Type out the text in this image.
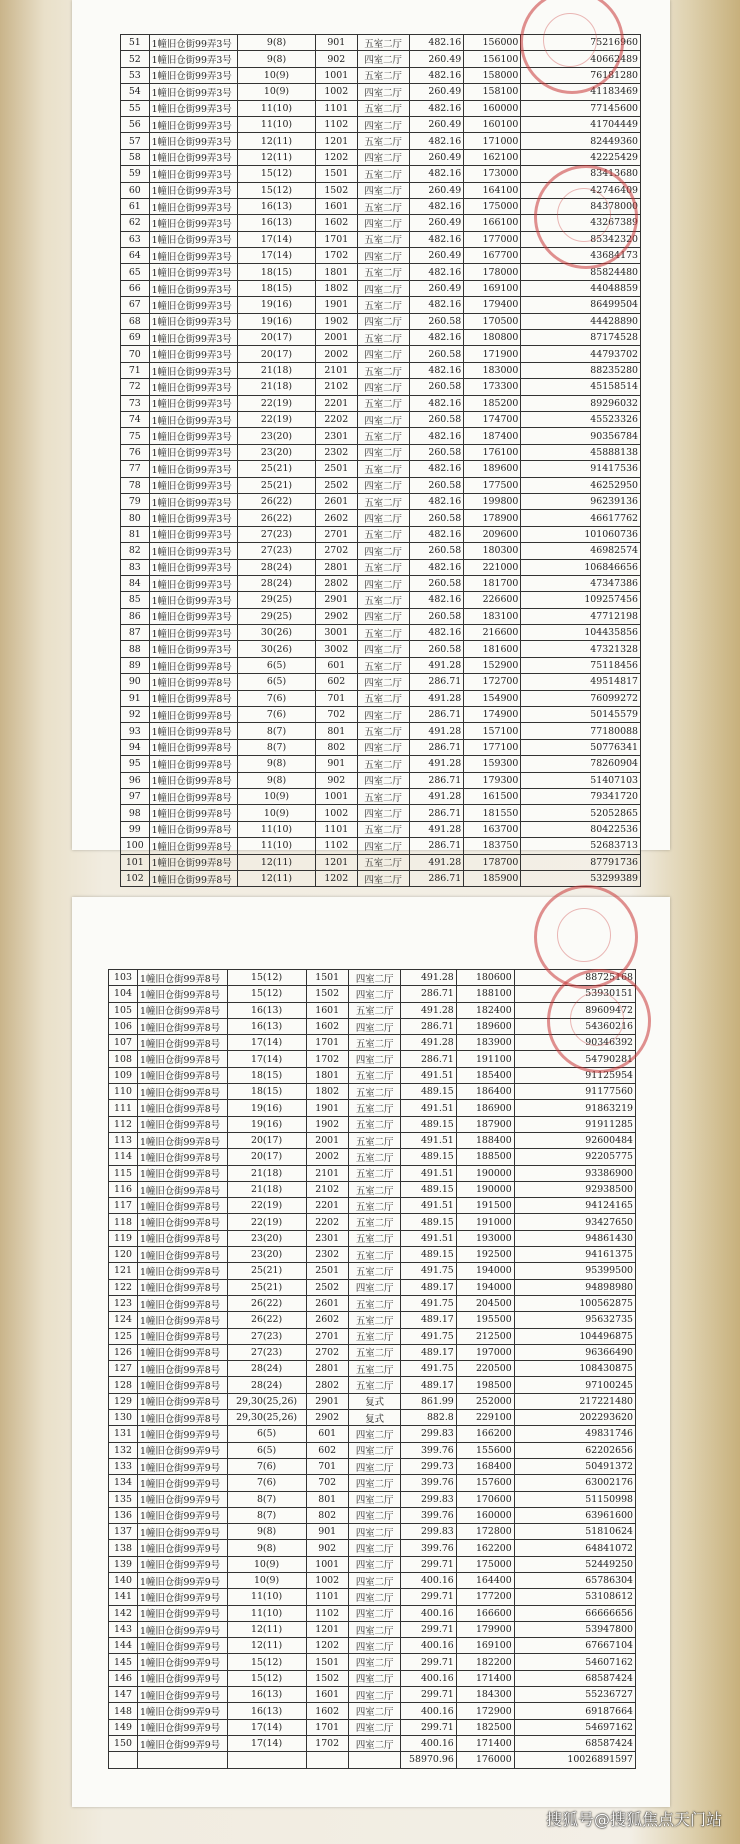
51	1幢旧仓街99弄3号	9(8)	901	五室二厅	482.16	156000	75216960
52	1幢旧仓街99弄3号	9(8)	902	四室二厅	260.49	156100	40662489
53	1幢旧仓街99弄3号	10(9)	1001	五室二厅	482.16	158000	76181280
54	1幢旧仓街99弄3号	10(9)	1002	四室二厅	260.49	158100	41183469
55	1幢旧仓街99弄3号	11(10)	1101	五室二厅	482.16	160000	77145600
56	1幢旧仓街99弄3号	11(10)	1102	四室二厅	260.49	160100	41704449
57	1幢旧仓街99弄3号	12(11)	1201	五室二厅	482.16	171000	82449360
58	1幢旧仓街99弄3号	12(11)	1202	四室二厅	260.49	162100	42225429
59	1幢旧仓街99弄3号	15(12)	1501	五室二厅	482.16	173000	83413680
60	1幢旧仓街99弄3号	15(12)	1502	四室二厅	260.49	164100	42746409
61	1幢旧仓街99弄3号	16(13)	1601	五室二厅	482.16	175000	84378000
62	1幢旧仓街99弄3号	16(13)	1602	四室二厅	260.49	166100	43267389
63	1幢旧仓街99弄3号	17(14)	1701	五室二厅	482.16	177000	85342320
64	1幢旧仓街99弄3号	17(14)	1702	四室二厅	260.49	167700	43684173
65	1幢旧仓街99弄3号	18(15)	1801	五室二厅	482.16	178000	85824480
66	1幢旧仓街99弄3号	18(15)	1802	四室二厅	260.49	169100	44048859
67	1幢旧仓街99弄3号	19(16)	1901	五室二厅	482.16	179400	86499504
68	1幢旧仓街99弄3号	19(16)	1902	四室二厅	260.58	170500	44428890
69	1幢旧仓街99弄3号	20(17)	2001	五室二厅	482.16	180800	87174528
70	1幢旧仓街99弄3号	20(17)	2002	四室二厅	260.58	171900	44793702
71	1幢旧仓街99弄3号	21(18)	2101	五室二厅	482.16	183000	88235280
72	1幢旧仓街99弄3号	21(18)	2102	四室二厅	260.58	173300	45158514
73	1幢旧仓街99弄3号	22(19)	2201	五室二厅	482.16	185200	89296032
74	1幢旧仓街99弄3号	22(19)	2202	四室二厅	260.58	174700	45523326
75	1幢旧仓街99弄3号	23(20)	2301	五室二厅	482.16	187400	90356784
76	1幢旧仓街99弄3号	23(20)	2302	四室二厅	260.58	176100	45888138
77	1幢旧仓街99弄3号	25(21)	2501	五室二厅	482.16	189600	91417536
78	1幢旧仓街99弄3号	25(21)	2502	四室二厅	260.58	177500	46252950
79	1幢旧仓街99弄3号	26(22)	2601	五室二厅	482.16	199800	96239136
80	1幢旧仓街99弄3号	26(22)	2602	四室二厅	260.58	178900	46617762
81	1幢旧仓街99弄3号	27(23)	2701	五室二厅	482.16	209600	101060736
82	1幢旧仓街99弄3号	27(23)	2702	四室二厅	260.58	180300	46982574
83	1幢旧仓街99弄3号	28(24)	2801	五室二厅	482.16	221000	106846656
84	1幢旧仓街99弄3号	28(24)	2802	四室二厅	260.58	181700	47347386
85	1幢旧仓街99弄3号	29(25)	2901	五室二厅	482.16	226600	109257456
86	1幢旧仓街99弄3号	29(25)	2902	四室二厅	260.58	183100	47712198
87	1幢旧仓街99弄3号	30(26)	3001	五室二厅	482.16	216600	104435856
88	1幢旧仓街99弄3号	30(26)	3002	四室二厅	260.58	181600	47321328
89	1幢旧仓街99弄8号	6(5)	601	五室二厅	491.28	152900	75118456
90	1幢旧仓街99弄8号	6(5)	602	四室二厅	286.71	172700	49514817
91	1幢旧仓街99弄8号	7(6)	701	五室二厅	491.28	154900	76099272
92	1幢旧仓街99弄8号	7(6)	702	四室二厅	286.71	174900	50145579
93	1幢旧仓街99弄8号	8(7)	801	五室二厅	491.28	157100	77180088
94	1幢旧仓街99弄8号	8(7)	802	四室二厅	286.71	177100	50776341
95	1幢旧仓街99弄8号	9(8)	901	五室二厅	491.28	159300	78260904
96	1幢旧仓街99弄8号	9(8)	902	四室二厅	286.71	179300	51407103
97	1幢旧仓街99弄8号	10(9)	1001	五室二厅	491.28	161500	79341720
98	1幢旧仓街99弄8号	10(9)	1002	四室二厅	286.71	181550	52052865
99	1幢旧仓街99弄8号	11(10)	1101	五室二厅	491.28	163700	80422536
100	1幢旧仓街99弄8号	11(10)	1102	四室二厅	286.71	183750	52683713
101	1幢旧仓街99弄8号	12(11)	1201	五室二厅	491.28	178700	87791736
102	1幢旧仓街99弄8号	12(11)	1202	四室二厅	286.71	185900	53299389
103	1幢旧仓街99弄8号	15(12)	1501	四室二厅	491.28	180600	88725168
104	1幢旧仓街99弄8号	15(12)	1502	四室二厅	286.71	188100	53930151
105	1幢旧仓街99弄8号	16(13)	1601	五室二厅	491.28	182400	89609472
106	1幢旧仓街99弄8号	16(13)	1602	四室二厅	286.71	189600	54360216
107	1幢旧仓街99弄8号	17(14)	1701	五室二厅	491.28	183900	90346392
108	1幢旧仓街99弄8号	17(14)	1702	四室二厅	286.71	191100	54790281
109	1幢旧仓街99弄8号	18(15)	1801	五室二厅	491.51	185400	91125954
110	1幢旧仓街99弄8号	18(15)	1802	五室二厅	489.15	186400	91177560
111	1幢旧仓街99弄8号	19(16)	1901	五室二厅	491.51	186900	91863219
112	1幢旧仓街99弄8号	19(16)	1902	五室二厅	489.15	187900	91911285
113	1幢旧仓街99弄8号	20(17)	2001	五室二厅	491.51	188400	92600484
114	1幢旧仓街99弄8号	20(17)	2002	五室二厅	489.15	188500	92205775
115	1幢旧仓街99弄8号	21(18)	2101	五室二厅	491.51	190000	93386900
116	1幢旧仓街99弄8号	21(18)	2102	五室二厅	489.15	190000	92938500
117	1幢旧仓街99弄8号	22(19)	2201	五室二厅	491.51	191500	94124165
118	1幢旧仓街99弄8号	22(19)	2202	五室二厅	489.15	191000	93427650
119	1幢旧仓街99弄8号	23(20)	2301	五室二厅	491.51	193000	94861430
120	1幢旧仓街99弄8号	23(20)	2302	五室二厅	489.15	192500	94161375
121	1幢旧仓街99弄8号	25(21)	2501	五室二厅	491.75	194000	95399500
122	1幢旧仓街99弄8号	25(21)	2502	四室二厅	489.17	194000	94898980
123	1幢旧仓街99弄8号	26(22)	2601	五室二厅	491.75	204500	100562875
124	1幢旧仓街99弄8号	26(22)	2602	五室二厅	489.17	195500	95632735
125	1幢旧仓街99弄8号	27(23)	2701	五室二厅	491.75	212500	104496875
126	1幢旧仓街99弄8号	27(23)	2702	五室二厅	489.17	197000	96366490
127	1幢旧仓街99弄8号	28(24)	2801	五室二厅	491.75	220500	108430875
128	1幢旧仓街99弄8号	28(24)	2802	五室二厅	489.17	198500	97100245
129	1幢旧仓街99弄8号	29,30(25,26)	2901	复式	861.99	252000	217221480
130	1幢旧仓街99弄8号	29,30(25,26)	2902	复式	882.8	229100	202293620
131	1幢旧仓街99弄9号	6(5)	601	四室二厅	299.83	166200	49831746
132	1幢旧仓街99弄9号	6(5)	602	四室二厅	399.76	155600	62202656
133	1幢旧仓街99弄9号	7(6)	701	四室二厅	299.73	168400	50491372
134	1幢旧仓街99弄9号	7(6)	702	四室二厅	399.76	157600	63002176
135	1幢旧仓街99弄9号	8(7)	801	四室二厅	299.83	170600	51150998
136	1幢旧仓街99弄9号	8(7)	802	四室二厅	399.76	160000	63961600
137	1幢旧仓街99弄9号	9(8)	901	四室二厅	299.83	172800	51810624
138	1幢旧仓街99弄9号	9(8)	902	四室二厅	399.76	162200	64841072
139	1幢旧仓街99弄9号	10(9)	1001	四室二厅	299.71	175000	52449250
140	1幢旧仓街99弄9号	10(9)	1002	四室二厅	400.16	164400	65786304
141	1幢旧仓街99弄9号	11(10)	1101	四室二厅	299.71	177200	53108612
142	1幢旧仓街99弄9号	11(10)	1102	四室二厅	400.16	166600	66666656
143	1幢旧仓街99弄9号	12(11)	1201	四室二厅	299.71	179900	53947800
144	1幢旧仓街99弄9号	12(11)	1202	四室二厅	400.16	169100	67667104
145	1幢旧仓街99弄9号	15(12)	1501	四室二厅	299.71	182200	54607162
146	1幢旧仓街99弄9号	15(12)	1502	四室二厅	400.16	171400	68587424
147	1幢旧仓街99弄9号	16(13)	1601	四室二厅	299.71	184300	55236727
148	1幢旧仓街99弄9号	16(13)	1602	四室二厅	400.16	172900	69187664
149	1幢旧仓街99弄9号	17(14)	1701	四室二厅	299.71	182500	54697162
150	1幢旧仓街99弄9号	17(14)	1702	四室二厅	400.16	171400	68587424
					58970.96	176000	10026891597
搜狐号@搜狐焦点天门站
